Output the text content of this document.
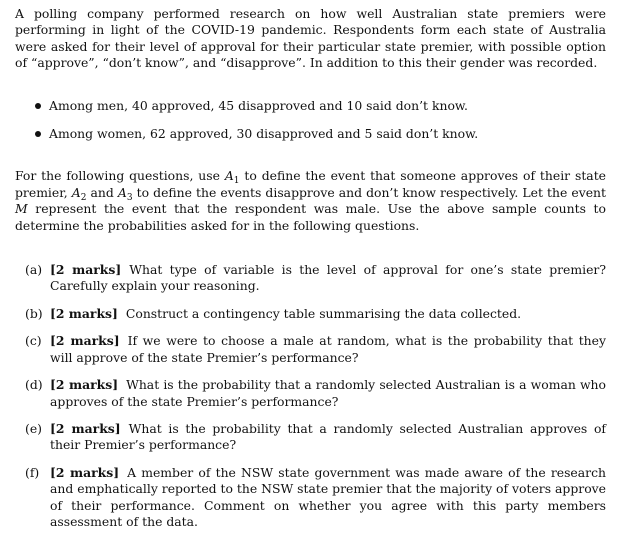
A polling company performed research on how well Australian state premiers were performing in light of the COVID-19 pandemic. Respondents form each state of Australia were asked for their level of approval for their particular state premier, with possible option of “approve”, “don’t know”, and “disapprove”. In addition to this their gender was recorded.

Among men, 40 approved, 45 disapproved and 10 said don’t know.
Among women, 62 approved, 30 disapproved and 5 said don’t know.

For the following questions, use $A_1$ to define the event that someone approves of their state premier, $A_2$ and $A_3$ to define the events disapprove and don’t know respectively. Let the event M represent the event that the respondent was male. Use the above sample counts to determine the probabilities asked for in the following questions.

(a) [2 marks] What type of variable is the level of approval for one’s state premier? Carefully explain your reasoning.
(b) [2 marks] Construct a contingency table summarising the data collected.
(c) [2 marks] If we were to choose a male at random, what is the probability that they will approve of the state Premier’s performance?
(d) [2 marks] What is the probability that a randomly selected Australian is a woman who approves of the state Premier’s performance?
(e) [2 marks] What is the probability that a randomly selected Australian approves of their Premier’s performance?
(f) [2 marks] A member of the NSW state government was made aware of the research and emphatically reported to the NSW state premier that the majority of voters approve of their performance. Comment on whether you agree with this party members assessment of the data.
